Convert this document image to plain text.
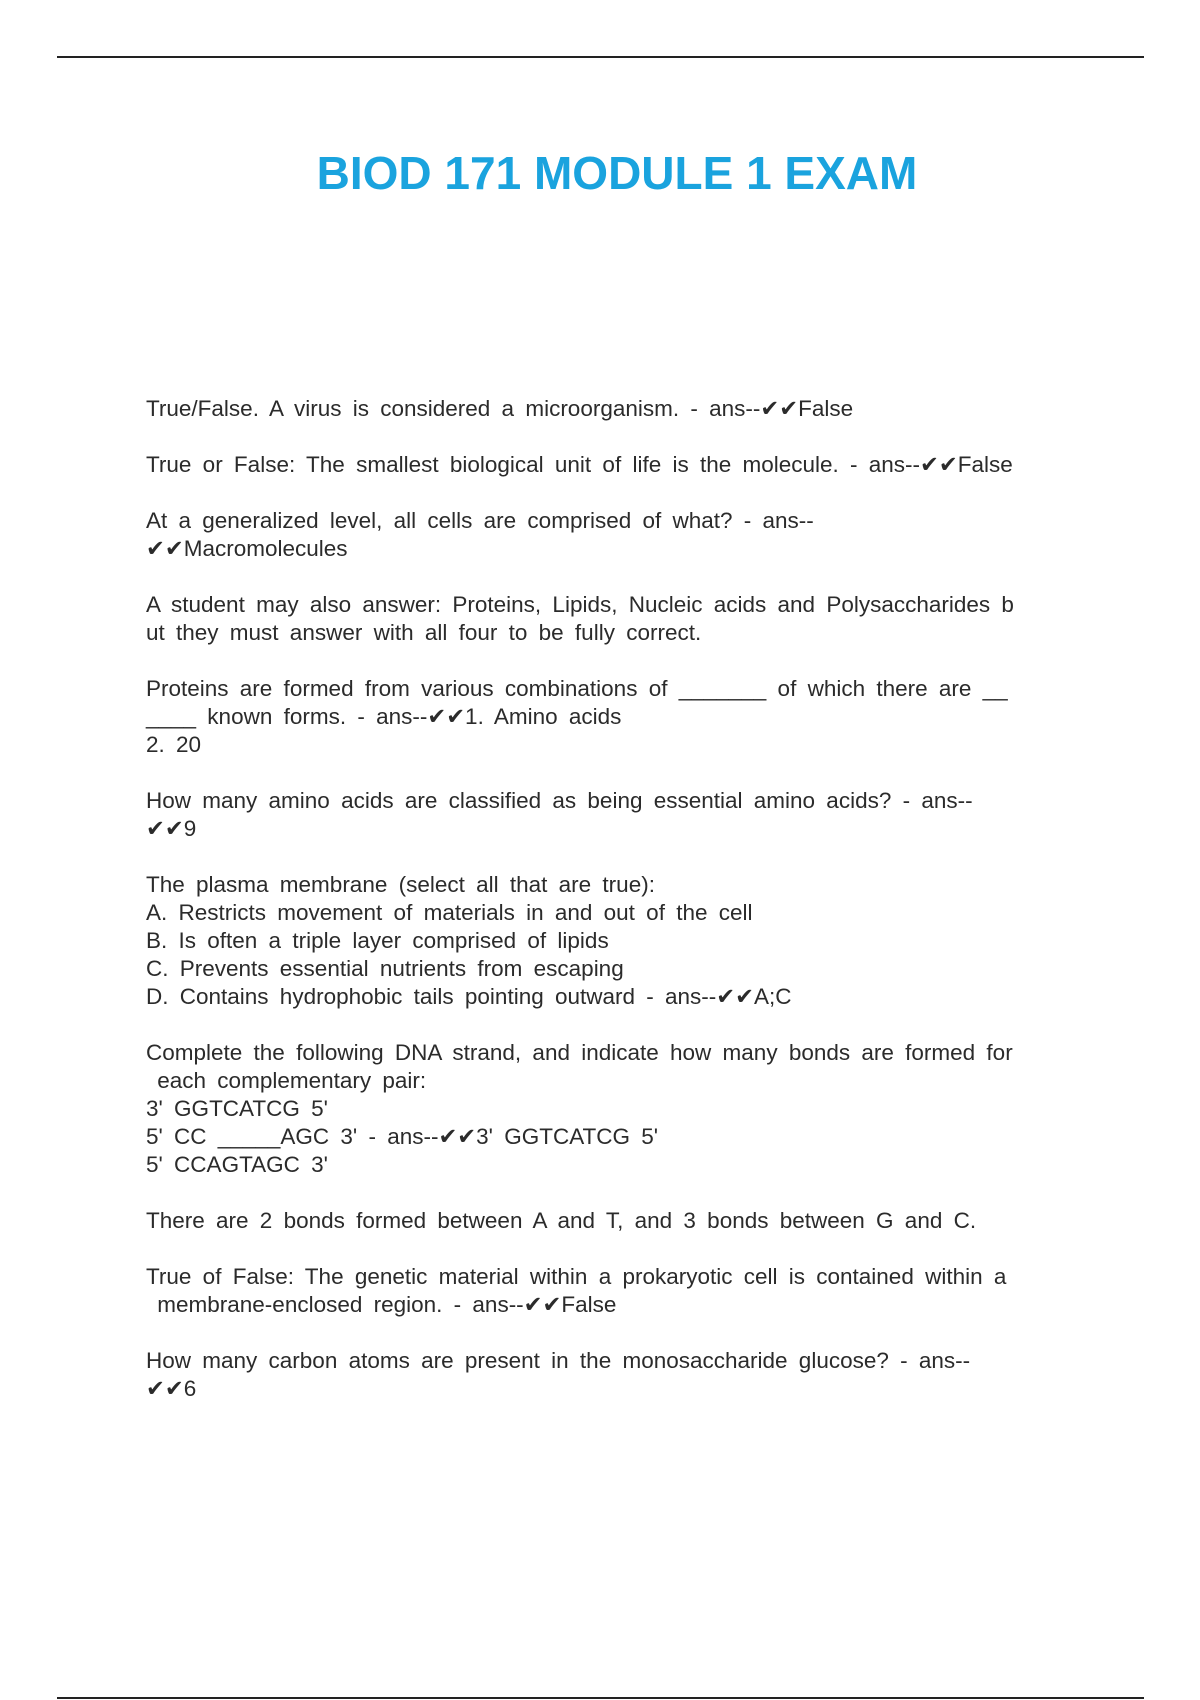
BIOD 171 MODULE 1 EXAM
True/False. A virus is considered a microorganism. - ans--✔✔False
True or False: The smallest biological unit of life is the molecule. - ans--✔✔False
At a generalized level, all cells are comprised of what? - ans--
✔✔Macromolecules
A student may also answer: Proteins, Lipids, Nucleic acids and Polysaccharides b
ut they must answer with all four to be fully correct.
Proteins are formed from various combinations of _______ of which there are __
____ known forms. - ans--✔✔1. Amino acids
2. 20
How many amino acids are classified as being essential amino acids? - ans--
✔✔9
The plasma membrane (select all that are true):
A. Restricts movement of materials in and out of the cell
B. Is often a triple layer comprised of lipids
C. Prevents essential nutrients from escaping
D. Contains hydrophobic tails pointing outward - ans--✔✔A;C
Complete the following DNA strand, and indicate how many bonds are formed for
each complementary pair:
3' GGTCATCG 5'
5' CC _____AGC 3' - ans--✔✔3' GGTCATCG 5'
5' CCAGTAGC 3'
There are 2 bonds formed between A and T, and 3 bonds between G and C.
True of False: The genetic material within a prokaryotic cell is contained within a
membrane-enclosed region. - ans--✔✔False
How many carbon atoms are present in the monosaccharide glucose? - ans--
✔✔6
